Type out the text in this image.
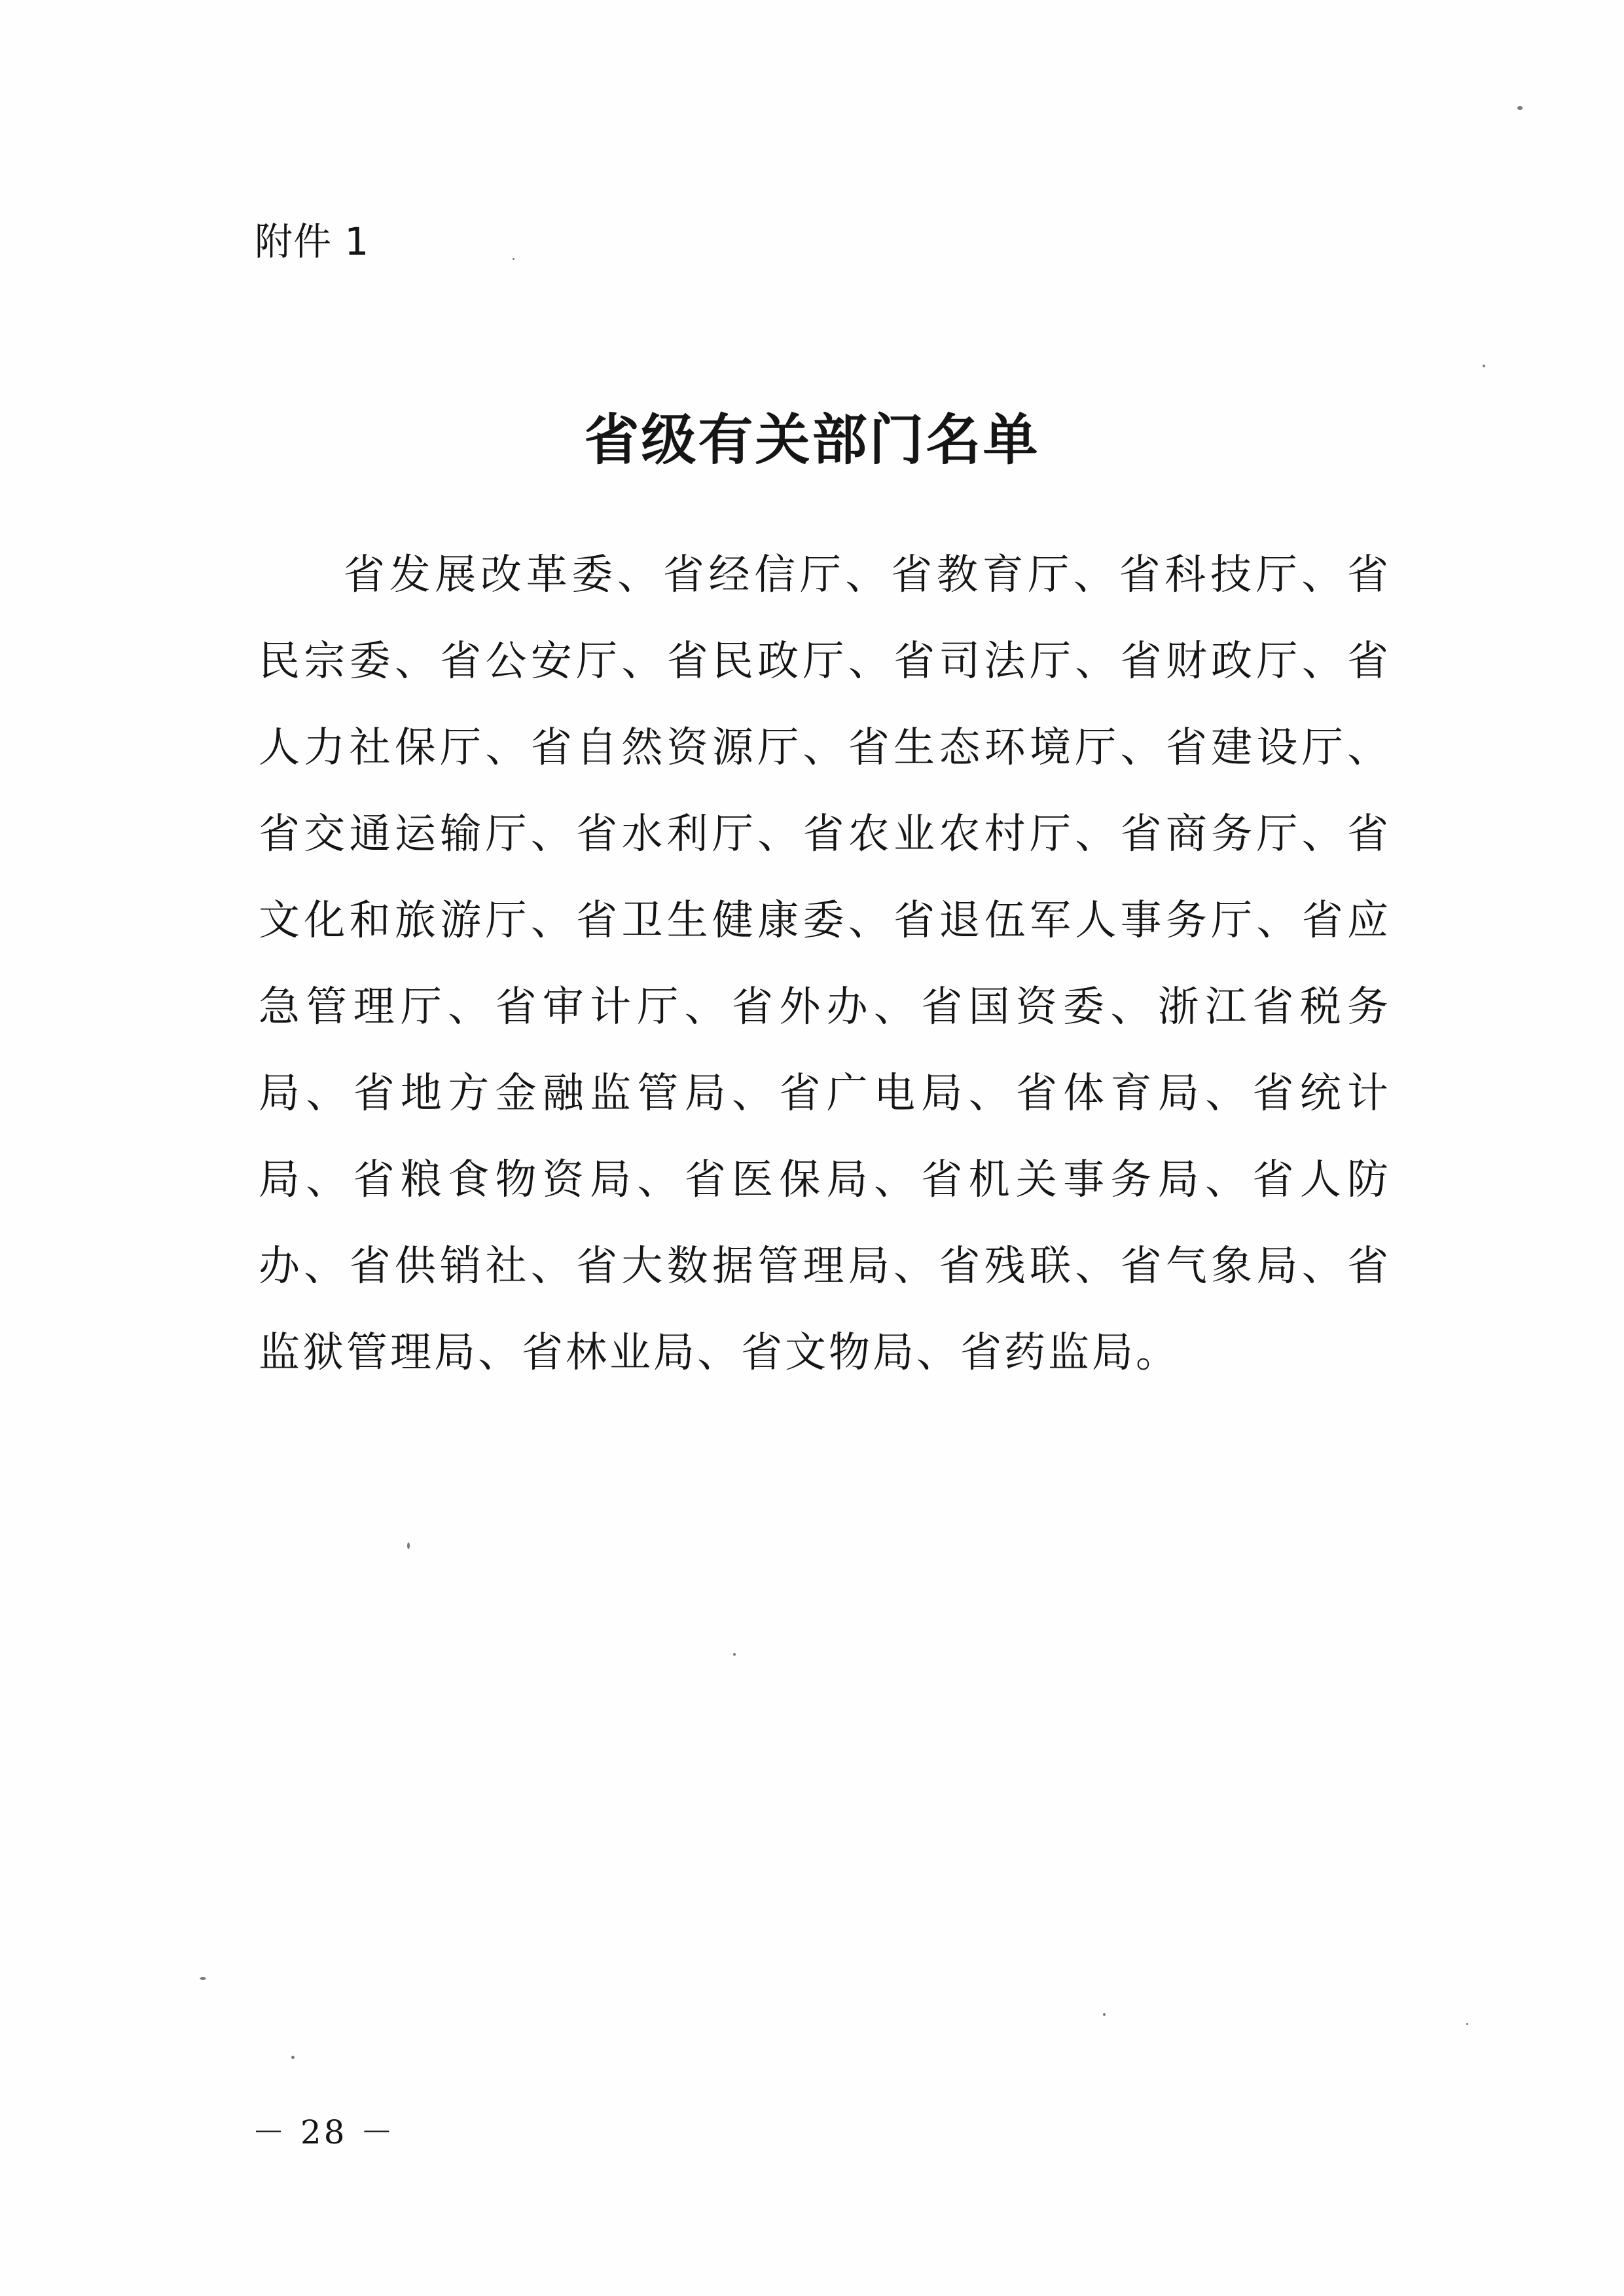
附件 1
省级有关部门名单

省发展改革委、省经信厅、省教育厅、省科技厅、省民宗委、省公安厅、省民政厅、省司法厅、省财政厅、省人力社保厅、省自然资源厅、省生态环境厅、省建设厅、省交通运输厅、省水利厅、省农业农村厅、省商务厅、省文化和旅游厅、省卫生健康委、省退伍军人事务厅、省应急管理厅、省审计厅、省外办、省国资委、浙江省税务局、省地方金融监管局、省广电局、省体育局、省统计局、省粮食物资局、省医保局、省机关事务局、省人防办、省供销社、省大数据管理局、省残联、省气象局、省监狱管理局、省林业局、省文物局、省药监局。

－ 28 －
